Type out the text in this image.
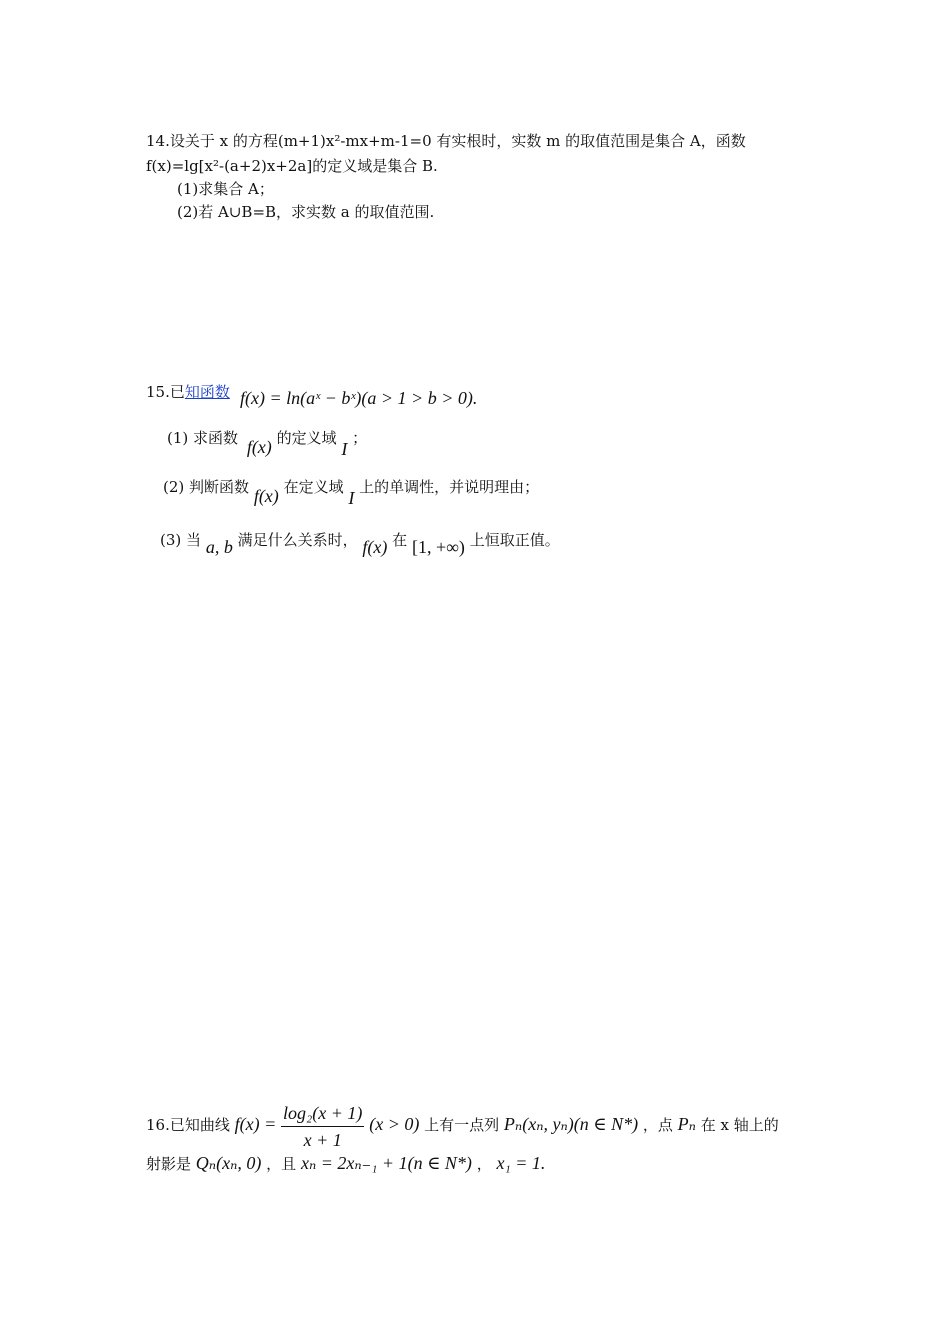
14.设关于 x 的方程(m+1)x²-mx+m-1=0 有实根时，实数 m 的取值范围是集合 A，函数
f(x)=lg[x²-(a+2)x+2a]的定义域是集合 B.
(1)求集合 A；
(2)若 A∪B=B，求实数 a 的取值范围.
15.已知函数 f(x) = ln(aˣ − bˣ)(a > 1 > b > 0).
(1) 求函数 f(x) 的定义域 I ；
(2) 判断函数 f(x) 在定义域 I 上的单调性，并说明理由；
(3) 当 a, b 满足什么关系时， f(x) 在 [1, +∞) 上恒取正值。
16.已知曲线 $f(x) = \frac{\text{log₂(x + 1)}}{x + 1} (x > 0)$ 上有一点列 Pₙ(xₙ, yₙ)(n ∈ N*) ，点 Pₙ 在 x 轴上的
射影是 Qₙ(xₙ, 0) ，且 xₙ = 2xₙ₋₁ + 1(n ∈ N*) ， x₁ = 1.
